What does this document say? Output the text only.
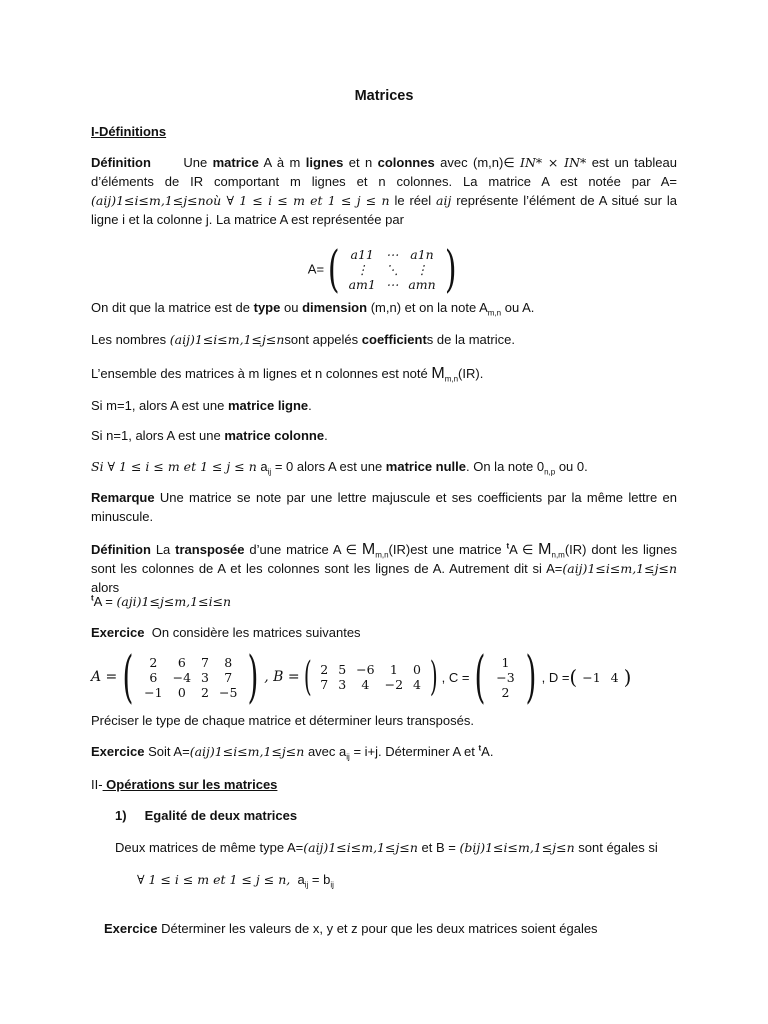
Matrices
I-Définitions
Définition Une matrice A à m lignes et n colonnes avec (m,n)∈ IN* × IN* est un tableau d’éléments de IR comportant m lignes et n colonnes. La matrice A est notée par A=(aij)1≤i≤m,1≤j≤noù ∀ 1 ≤ i ≤ m et 1 ≤ j ≤ n le réel aij représente l’élément de A situé sur la ligne i et la colonne j. La matrice A est représentée par
A= ( a11 ⋯ a1n
⋮	⋱	⋮
am1 ⋯ amn )
On dit que la matrice est de type ou dimension (m,n) et on la note $A_{m,n}$ ou A.
Les nombres (aij)1≤i≤m,1≤j≤nsont appelés coefficients de la matrice.
L’ensemble des matrices à m lignes et n colonnes est noté $M_{m,n}(IR)$.
Si m=1, alors A est une matrice ligne.
Si n=1, alors A est une matrice colonne.
Si ∀ 1 ≤ i ≤ m et 1 ≤ j ≤ n $a_{ij} = 0$ alors A est une matrice nulle. On la note $0_{n,p}$ ou 0.
Remarque Une matrice se note par une lettre majuscule et ses coefficients par la même lettre en minuscule.
Définition La transposée d’une matrice A ∈ $M_{m,n}(IR)est$ une matrice $^t$A ∈ $M_{n,m}(IR)$ dont les lignes sont les colonnes de A et les colonnes sont les lignes de A. Autrement dit si A=(aij)1≤i≤m,1≤j≤n alors
$^t$A = (aji)1≤j≤m,1≤i≤n
Exercice On considère les matrices suivantes
A = (	2	6	7	8
6	−4 3	7
−1	0	2 −5 ) , B = ( 2 5 −6	1	0
7 3	4	−2 4 ) , C = (	1
−3
2 ) , D = ( −1 4 )
Préciser le type de chaque matrice et déterminer leurs transposés.
Exercice Soit A=(aij)1≤i≤m,1≤j≤n avec $a_{ij} = i+j$. Déterminer A et $^t$A.
II- Opérations sur les matrices
1) Egalité de deux matrices
Deux matrices de même type A=(aij)1≤i≤m,1≤j≤n et B = (bij)1≤i≤m,1≤j≤n sont égales si
∀ 1 ≤ i ≤ m et 1 ≤ j ≤ n, $a_{ij} = b_{ij}$
Exercice Déterminer les valeurs de x, y et z pour que les deux matrices soient égales
